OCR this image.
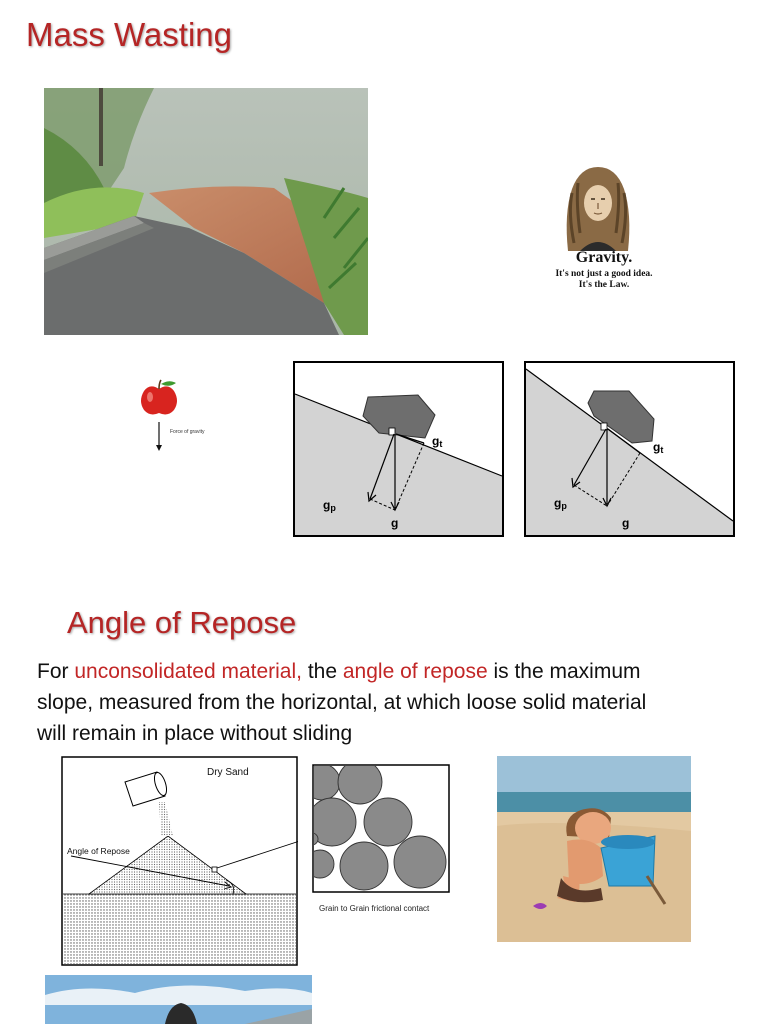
Mass Wasting
Gravity.
It's not just a good idea.
It's the Law.
Force of gravity
gp
g
gt
gp
g
gt
Angle of Repose
For unconsolidated material, the angle of repose is the maximum slope, measured from the horizontal, at which loose solid material will remain in place without sliding
Dry Sand
Angle of Repose
Grain to Grain frictional contact
